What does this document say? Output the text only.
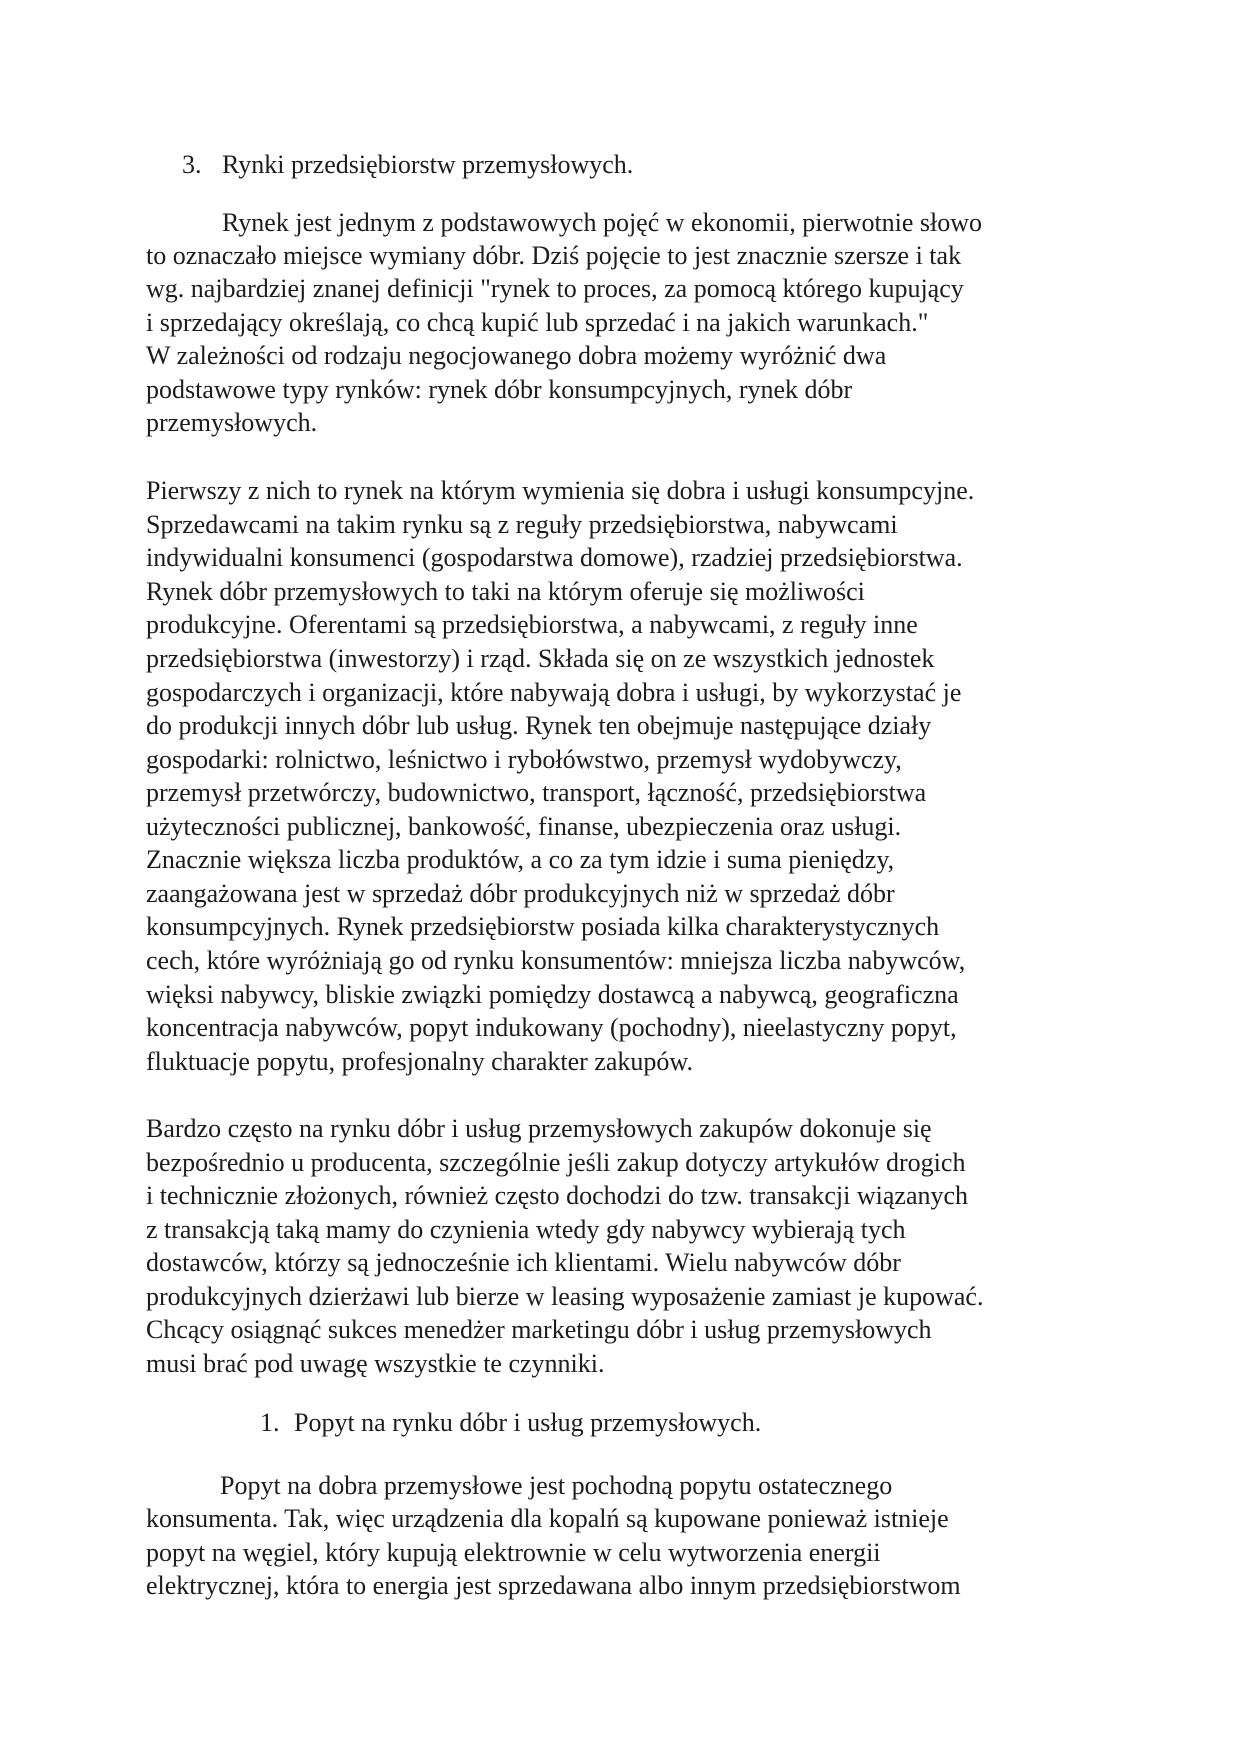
3. Rynki przedsiębiorstw przemysłowych.
Rynek jest jednym z podstawowych pojęć w ekonomii, pierwotnie słowo
to oznaczało miejsce wymiany dóbr. Dziś pojęcie to jest znacznie szersze i tak
wg. najbardziej znanej definicji "rynek to proces, za pomocą którego kupujący
i sprzedający określają, co chcą kupić lub sprzedać i na jakich warunkach."
W zależności od rodzaju negocjowanego dobra możemy wyróżnić dwa
podstawowe typy rynków: rynek dóbr konsumpcyjnych, rynek dóbr
przemysłowych.
Pierwszy z nich to rynek na którym wymienia się dobra i usługi konsumpcyjne.
Sprzedawcami na takim rynku są z reguły przedsiębiorstwa, nabywcami
indywidualni konsumenci (gospodarstwa domowe), rzadziej przedsiębiorstwa.
Rynek dóbr przemysłowych to taki na którym oferuje się możliwości
produkcyjne. Oferentami są przedsiębiorstwa, a nabywcami, z reguły inne
przedsiębiorstwa (inwestorzy) i rząd. Składa się on ze wszystkich jednostek
gospodarczych i organizacji, które nabywają dobra i usługi, by wykorzystać je
do produkcji innych dóbr lub usług. Rynek ten obejmuje następujące działy
gospodarki: rolnictwo, leśnictwo i rybołówstwo, przemysł wydobywczy,
przemysł przetwórczy, budownictwo, transport, łączność, przedsiębiorstwa
użyteczności publicznej, bankowość, finanse, ubezpieczenia oraz usługi.
Znacznie większa liczba produktów, a co za tym idzie i suma pieniędzy,
zaangażowana jest w sprzedaż dóbr produkcyjnych niż w sprzedaż dóbr
konsumpcyjnych. Rynek przedsiębiorstw posiada kilka charakterystycznych
cech, które wyróżniają go od rynku konsumentów: mniejsza liczba nabywców,
więksi nabywcy, bliskie związki pomiędzy dostawcą a nabywcą, geograficzna
koncentracja nabywców, popyt indukowany (pochodny), nieelastyczny popyt,
fluktuacje popytu, profesjonalny charakter zakupów.
Bardzo często na rynku dóbr i usług przemysłowych zakupów dokonuje się
bezpośrednio u producenta, szczególnie jeśli zakup dotyczy artykułów drogich
i technicznie złożonych, również często dochodzi do tzw. transakcji wiązanych
z transakcją taką mamy do czynienia wtedy gdy nabywcy wybierają tych
dostawców, którzy są jednocześnie ich klientami. Wielu nabywców dóbr
produkcyjnych dzierżawi lub bierze w leasing wyposażenie zamiast je kupować.
Chcący osiągnąć sukces menedżer marketingu dóbr i usług przemysłowych
musi brać pod uwagę wszystkie te czynniki.
1. Popyt na rynku dóbr i usług przemysłowych.
Popyt na dobra przemysłowe jest pochodną popytu ostatecznego
konsumenta. Tak, więc urządzenia dla kopalń są kupowane ponieważ istnieje
popyt na węgiel, który kupują elektrownie w celu wytworzenia energii
elektrycznej, która to energia jest sprzedawana albo innym przedsiębiorstwom
